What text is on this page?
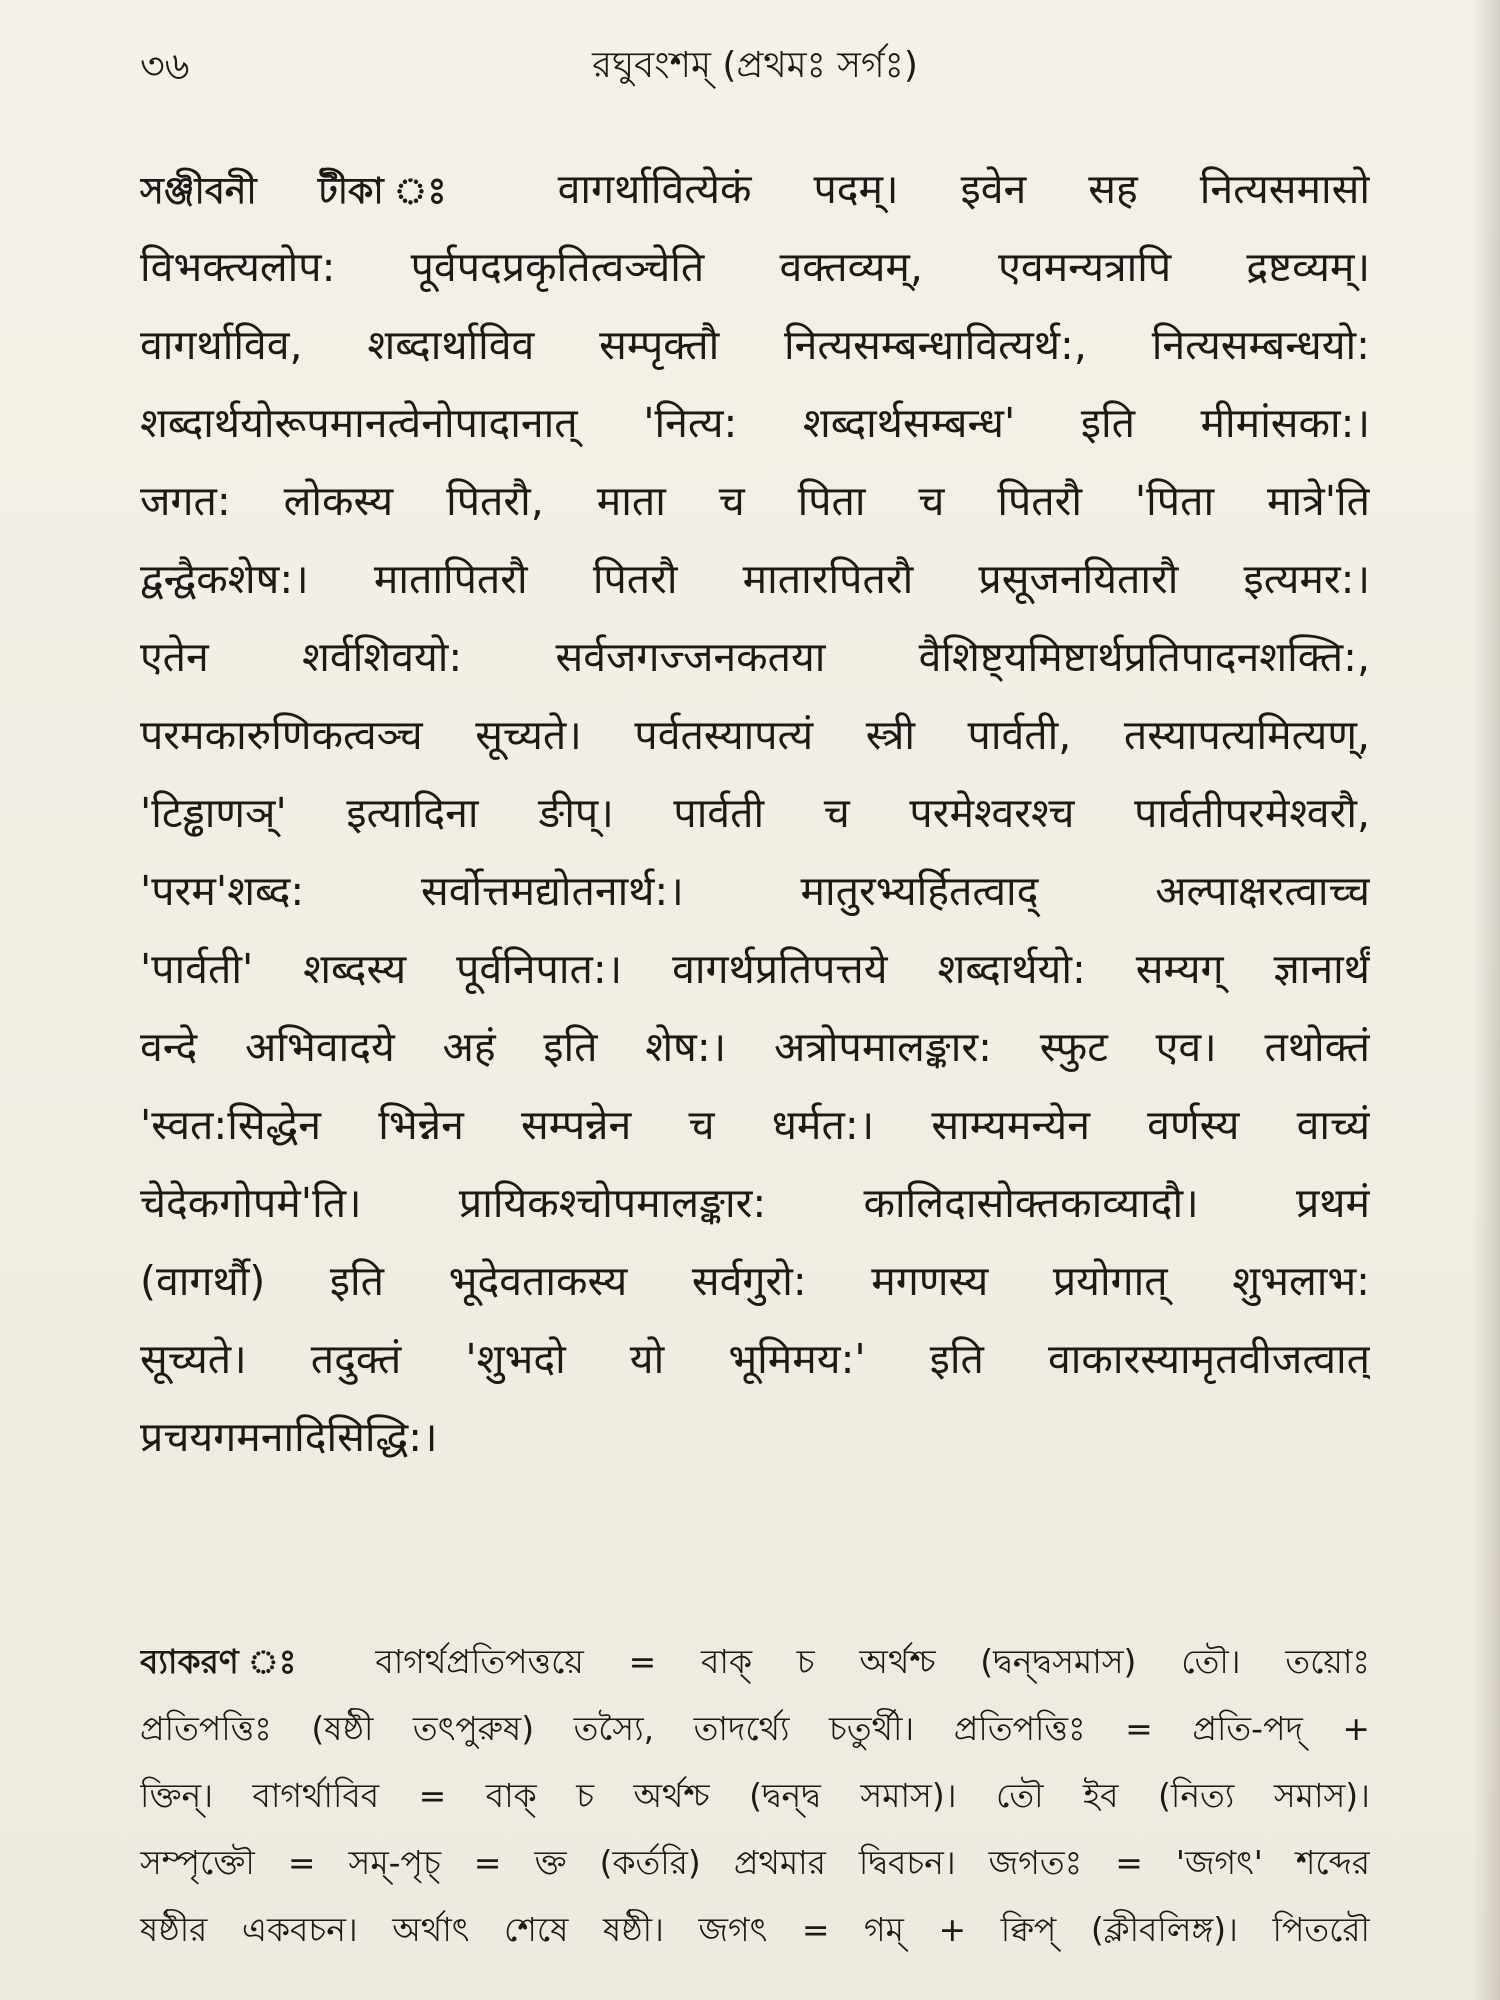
৩৬	রঘুবংশম্ (প্রথমঃ সর্গঃ)
সঞ্জীবনী টীকা ঃ वागर्थावित्येकं पदम्। इवेन सह नित्यसमासो
विभक्त्यलोप: पूर्वपदप्रकृतित्वञ्चेति वक्तव्यम्, एवमन्यत्रापि द्रष्टव्यम्।
वागर्थाविव, शब्दार्थाविव सम्पृक्तौ नित्यसम्बन्धावित्यर्थ:, नित्यसम्बन्धयो:
शब्दार्थयोरूपमानत्वेनोपादानात् 'नित्य: शब्दार्थसम्बन्ध' इति मीमांसका:।
जगत: लोकस्य पितरौ, माता च पिता च पितरौ 'पिता मात्रे'ति
द्वन्द्वैकशेष:। मातापितरौ पितरौ मातारपितरौ प्रसूजनयितारौ इत्यमर:।
एतेन शर्वशिवयो: सर्वजगज्जनकतया वैशिष्ट्यमिष्टार्थप्रतिपादनशक्ति:,
परमकारुणिकत्वञ्च सूच्यते। पर्वतस्यापत्यं स्त्री पार्वती, तस्यापत्यमित्यण्,
'टिड्ढाणञ्' इत्यादिना ङीप्। पार्वती च परमेश्वरश्च पार्वतीपरमेश्वरौ,
'परम'शब्द: सर्वोत्तमद्योतनार्थ:। मातुरभ्यर्हितत्वाद् अल्पाक्षरत्वाच्च
'पार्वती' शब्दस्य पूर्वनिपात:। वागर्थप्रतिपत्तये शब्दार्थयो: सम्यग् ज्ञानार्थं
वन्दे अभिवादये अहं इति शेष:। अत्रोपमालङ्कार: स्फुट एव। तथोक्तं
'स्वत:सिद्धेन भिन्नेन सम्पन्नेन च धर्मत:। साम्यमन्येन वर्णस्य वाच्यं
चेदेकगोपमे'ति। प्रायिकश्चोपमालङ्कार: कालिदासोक्तकाव्यादौ। प्रथमं
(वागर्थौ) इति भूदेवताकस्य सर्वगुरो: मगणस्य प्रयोगात् शुभलाभ:
सूच्यते। तदुक्तं 'शुभदो यो भूमिमय:' इति वाकारस्यामृतवीजत्वात्
प्रचयगमनादिसिद्धि:।
ব্যাকরণ ঃ বাগর্থপ্রতিপত্তয়ে = বাক্ চ অর্থশ্চ (দ্বন্দ্বসমাস) তৌ। তয়োঃ
প্রতিপত্তিঃ (ষষ্ঠী তৎপুরুষ) তস্যৈ, তাদর্থ্যে চতুর্থী। প্রতিপত্তিঃ = প্রতি-পদ্ +
ক্তিন্। বাগর্থাবিব = বাক্ চ অর্থশ্চ (দ্বন্দ্ব সমাস)। তৌ ইব (নিত্য সমাস)।
সম্পৃক্তৌ = সম্-পৃচ্ = ক্ত (কর্তরি) প্রথমার দ্বিবচন। জগতঃ = 'জগৎ' শব্দের
ষষ্ঠীর একবচন। অর্থাৎ শেষে ষষ্ঠী। জগৎ = গম্ + ক্বিপ্ (ক্লীবলিঙ্গ)। পিতরৌ
